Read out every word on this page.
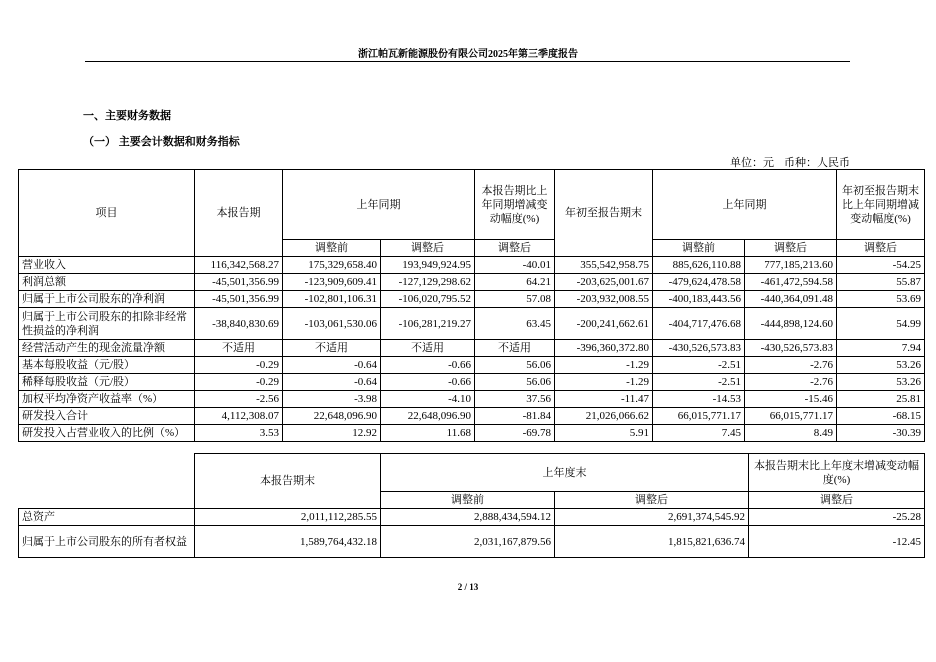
浙江帕瓦新能源股份有限公司2025年第三季度报告
一、主要财务数据
（一） 主要会计数据和财务指标
单位：元 币种：人民币
项目	本报告期	上年同期		本报告期比上年同期增减变动幅度(%)	年初至报告期末	上年同期		年初至报告期末比上年同期增减变动幅度(%)
		调整前	调整后	调整后		调整前	调整后	调整后
营业收入	116,342,568.27	175,329,658.40	193,949,924.95	-40.01	355,542,958.75	885,626,110.88	777,185,213.60	-54.25
利润总额	-45,501,356.99	-123,909,609.41	-127,129,298.62	64.21	-203,625,001.67	-479,624,478.58	-461,472,594.58	55.87
归属于上市公司股东的净利润	-45,501,356.99	-102,801,106.31	-106,020,795.52	57.08	-203,932,008.55	-400,183,443.56	-440,364,091.48	53.69
归属于上市公司股东的扣除非经常性损益的净利润	-38,840,830.69	-103,061,530.06	-106,281,219.27	63.45	-200,241,662.61	-404,717,476.68	-444,898,124.60	54.99
经营活动产生的现金流量净额	不适用	不适用	不适用	不适用	-396,360,372.80	-430,526,573.83	-430,526,573.83	7.94
基本每股收益（元/股）	-0.29	-0.64	-0.66	56.06	-1.29	-2.51	-2.76	53.26
稀释每股收益（元/股）	-0.29	-0.64	-0.66	56.06	-1.29	-2.51	-2.76	53.26
加权平均净资产收益率（%）	-2.56	-3.98	-4.10	37.56	-11.47	-14.53	-15.46	25.81
研发投入合计	4,112,308.07	22,648,096.90	22,648,096.90	-81.84	21,026,066.62	66,015,771.17	66,015,771.17	-68.15
研发投入占营业收入的比例（%）	3.53	12.92	11.68	-69.78	5.91	7.45	8.49	-30.39
	本报告期末	上年度末		本报告期末比上年度末增减变动幅度(%)
		调整前	调整后	调整后
总资产	2,011,112,285.55	2,888,434,594.12	2,691,374,545.92	-25.28
归属于上市公司股东的所有者权益	1,589,764,432.18	2,031,167,879.56	1,815,821,636.74	-12.45
2 / 13
